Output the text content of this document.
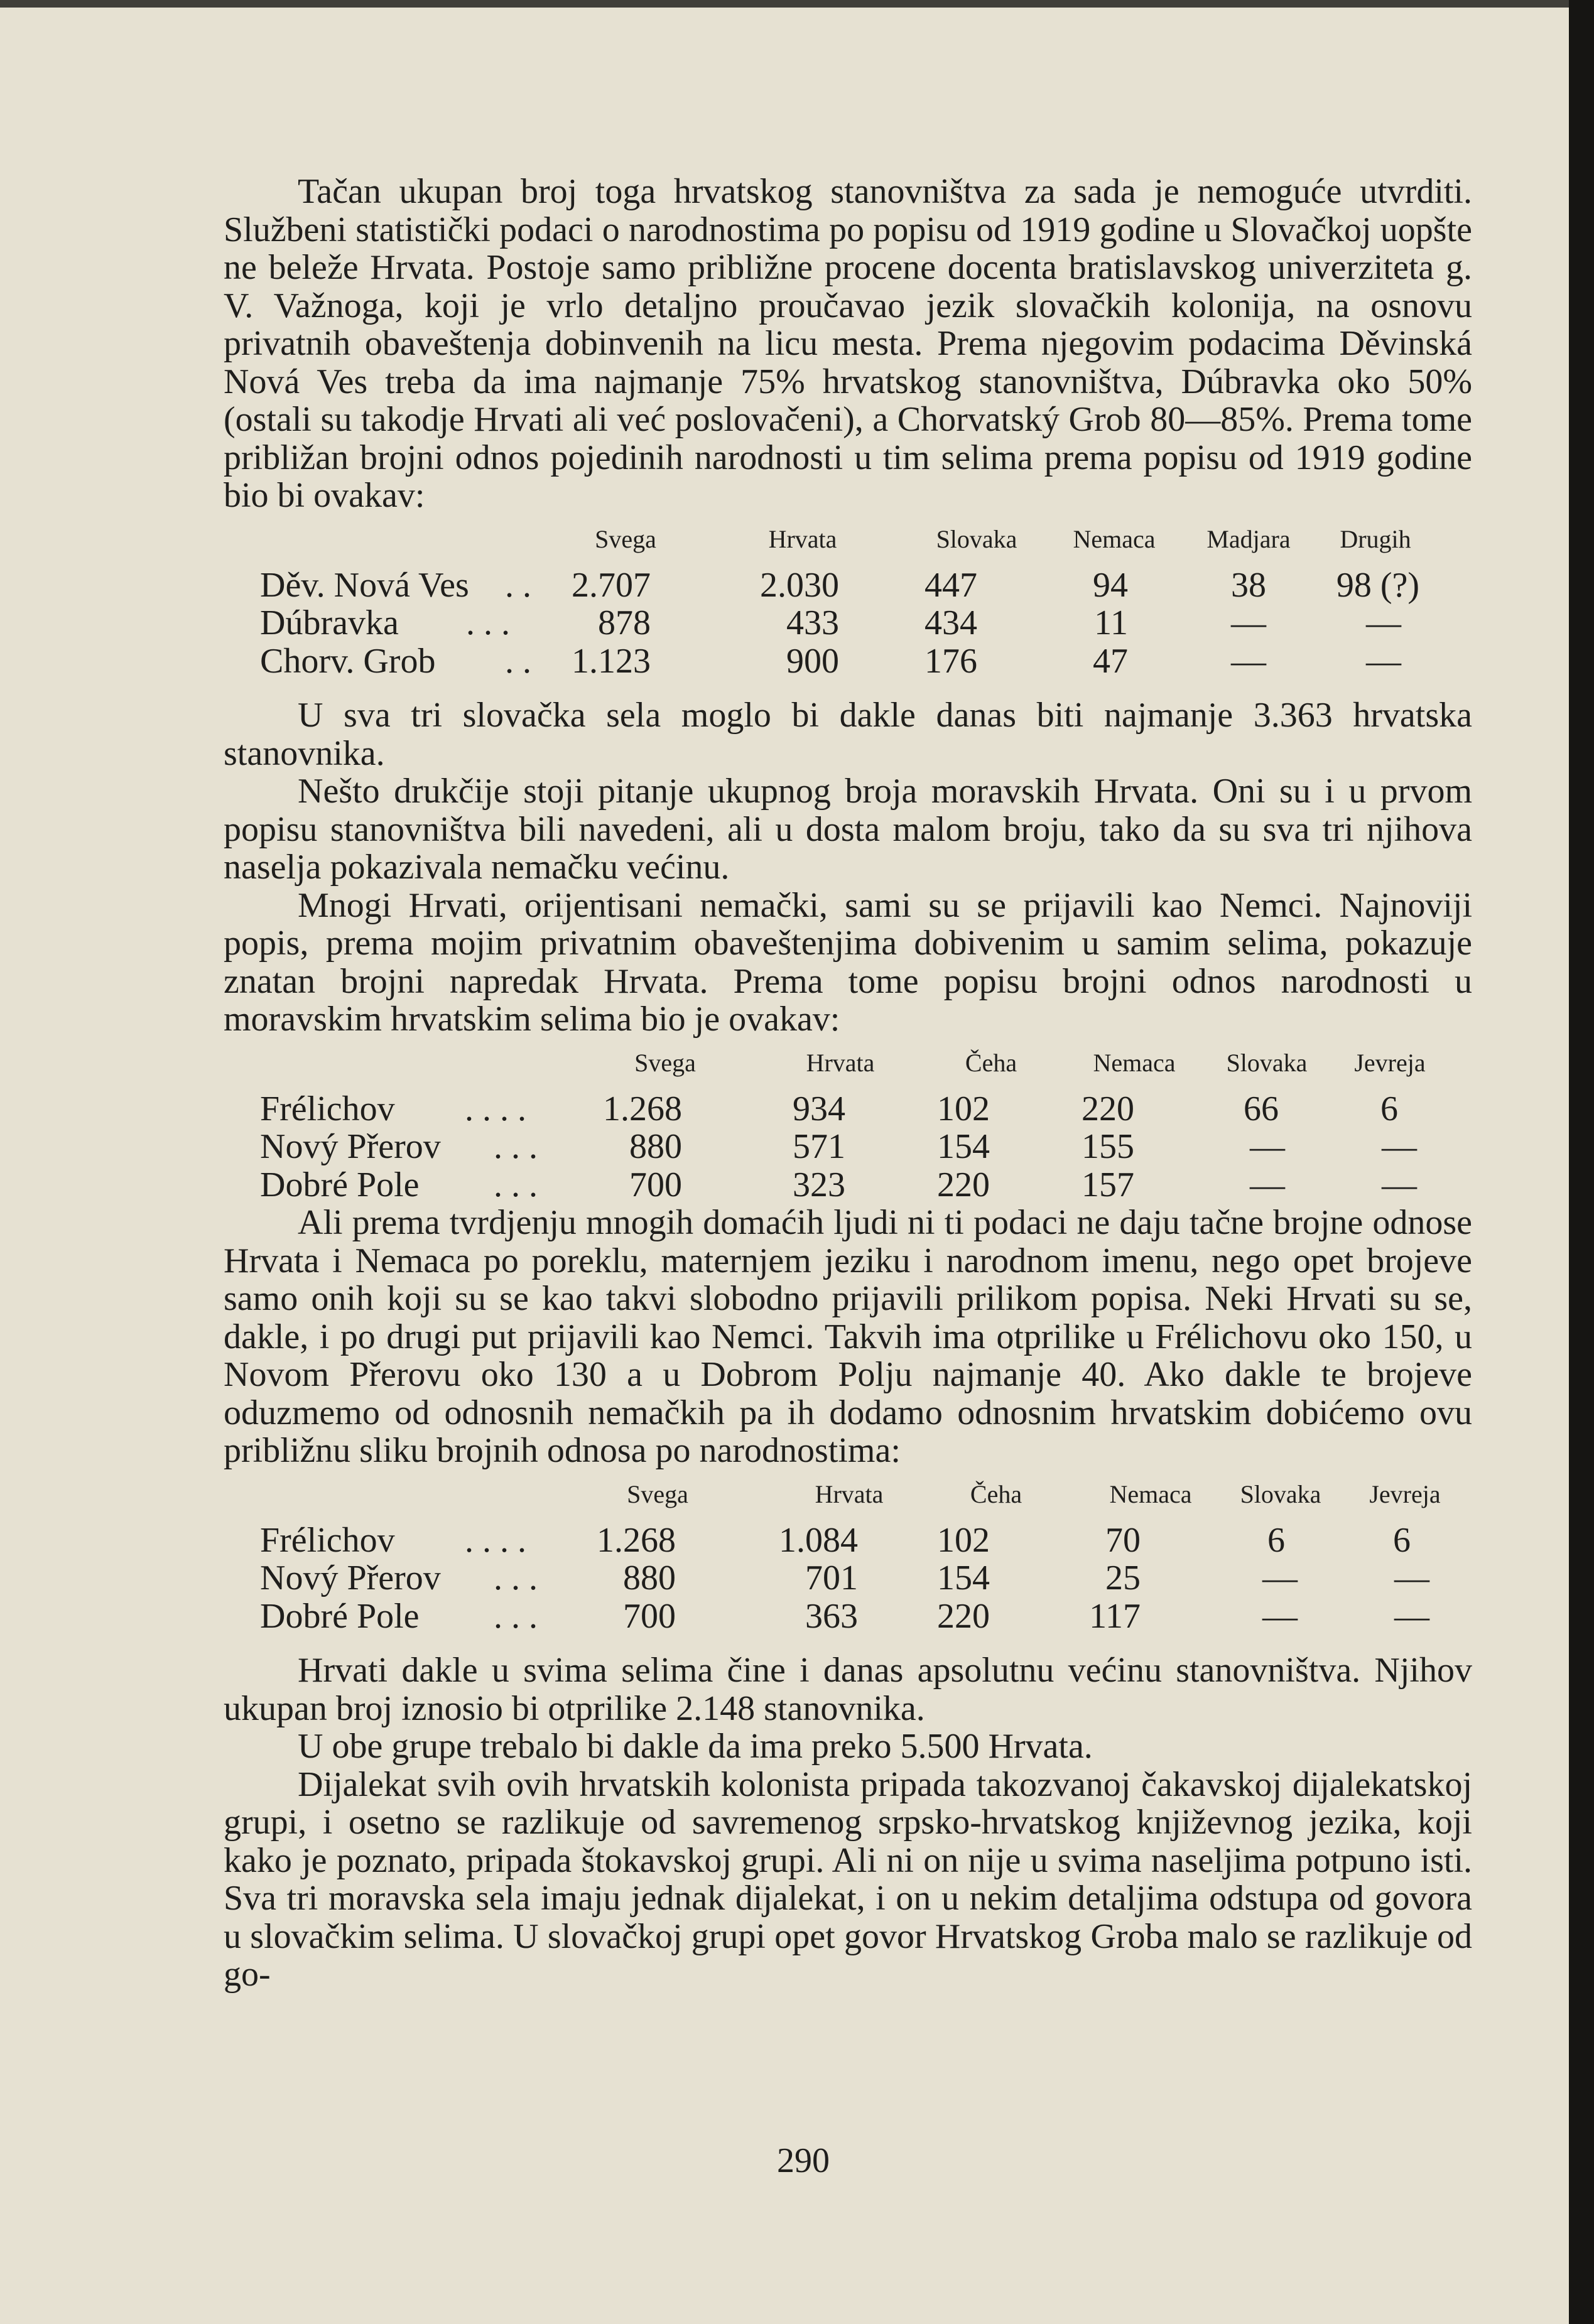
Tačan ukupan broj toga hrvatskog stanovništva za sada je nemoguće utvrditi. Službeni statistički podaci o narodnostima po popisu od 1919 godine u Slovačkoj uopšte ne beleže Hrvata. Postoje samo približne procene docenta bratislavskog univerziteta g. V. Važnoga, koji je vrlo detaljno proučavao jezik slovačkih kolonija, na osnovu privatnih obaveštenja dobinvenih na licu mesta. Prema njegovim podacima Děvinská Nová Ves treba da ima najmanje 75% hrvatskog stanovništva, Dúbravka oko 50% (ostali su takodje Hrvati ali već poslovačeni), a Chorvatský Grob 80—85%. Prema tome približan brojni odnos pojedinih narodnosti u tim selima prema popisu od 1919 godine bio bi ovakav:

Svega	Hrvata	Slovaka	Nemaca	Madjara	Drugih
Děv. Nová Ves . .	2.707	2.030	447	94	38	98 (?)
Dúbravka . . .	878	433	434	11	—	—
Chorv. Grob . .	1.123	900	176	47	—	—

U sva tri slovačka sela moglo bi dakle danas biti najmanje 3.363 hrvatska stanovnika.

Nešto drukčije stoji pitanje ukupnog broja moravskih Hrvata. Oni su i u prvom popisu stanovništva bili navedeni, ali u dosta malom broju, tako da su sva tri njihova naselja pokazivala nemačku većinu.

Mnogi Hrvati, orijentisani nemački, sami su se prijavili kao Nemci. Najnoviji popis, prema mojim privatnim obaveštenjima dobivenim u samim selima, pokazuje znatan brojni napredak Hrvata. Prema tome popisu brojni odnos narodnosti u moravskim hrvatskim selima bio je ovakav:

Svega	Hrvata	Čeha	Nemaca	Slovaka	Jevreja
Frélichov . . . .	1.268	934	102	220	66	6
Nový Přerov . . .	880	571	154	155	—	—
Dobré Pole . . .	700	323	220	157	—	—

Ali prema tvrdjenju mnogih domaćih ljudi ni ti podaci ne daju tačne brojne odnose Hrvata i Nemaca po poreklu, maternjem jeziku i narodnom imenu, nego opet brojeve samo onih koji su se kao takvi slobodno prijavili prilikom popisa. Neki Hrvati su se, dakle, i po drugi put prijavili kao Nemci. Takvih ima otprilike u Frélichovu oko 150, u Novom Přerovu oko 130 a u Dobrom Polju najmanje 40. Ako dakle te brojeve oduzmemo od odnosnih nemačkih pa ih dodamo odnosnim hrvatskim dobićemo ovu približnu sliku brojnih odnosa po narodnostima:

Svega	Hrvata	Čeha	Nemaca	Slovaka	Jevreja
Frélichov . . . .	1.268	1.084	102	70	6	6
Nový Přerov . . .	880	701	154	25	—	—
Dobré Pole . . .	700	363	220	117	—	—

Hrvati dakle u svima selima čine i danas apsolutnu većinu stanovništva. Njihov ukupan broj iznosio bi otprilike 2.148 stanovnika.

U obe grupe trebalo bi dakle da ima preko 5.500 Hrvata.

Dijalekat svih ovih hrvatskih kolonista pripada takozvanoj čakavskoj dijalekatskoj grupi, i osetno se razlikuje od savremenog srpsko-hrvatskog književnog jezika, koji kako je poznato, pripada štokavskoj grupi. Ali ni on nije u svima naseljima potpuno isti. Sva tri moravska sela imaju jednak dijalekat, i on u nekim detaljima odstupa od govora u slovačkim selima. U slovačkoj grupi opet govor Hrvatskog Groba malo se razlikuje od go-

290
